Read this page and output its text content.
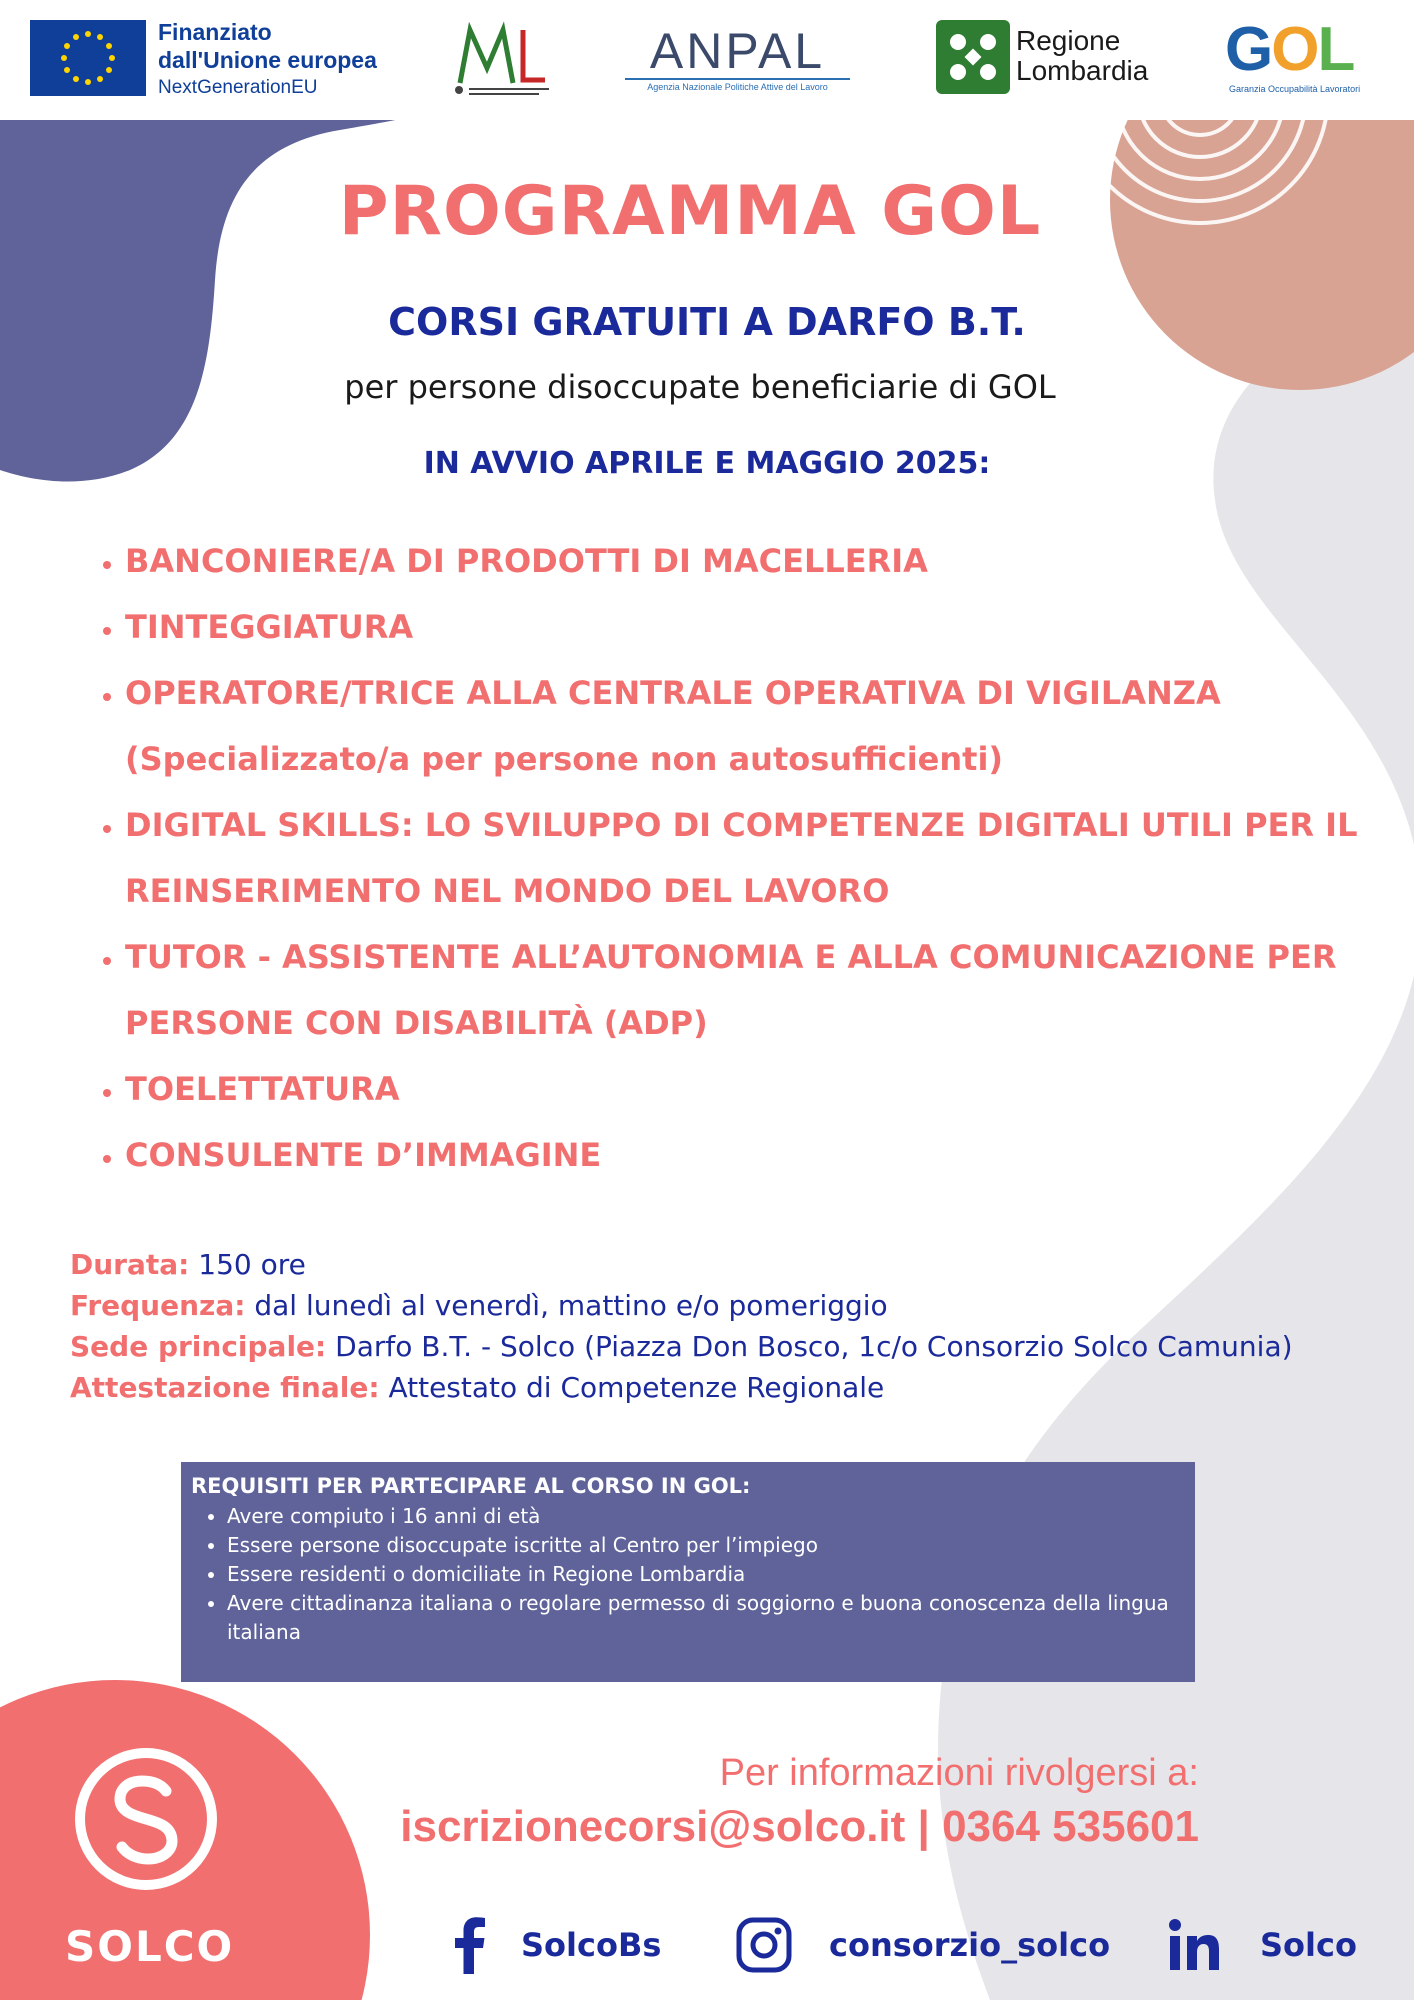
Finanziato
dall'Unione europea
NextGenerationEU
ANPAL
Agenzia Nazionale Politiche Attive del Lavoro
Regione
Lombardia GOL
Garanzia Occupabilità Lavoratori
PROGRAMMA GOL
CORSI GRATUITI A DARFO B.T.
per persone disoccupate beneficiarie di GOL
IN AVVIO APRILE E MAGGIO 2025:
• BANCONIERE/A DI PRODOTTI DI MACELLERIA
• TINTEGGIATURA
• OPERATORE/TRICE ALLA CENTRALE OPERATIVA DI VIGILANZA (Specializzato/a per persone non autosufficienti)
• DIGITAL SKILLS: LO SVILUPPO DI COMPETENZE DIGITALI UTILI PER IL REINSERIMENTO NEL MONDO DEL LAVORO
• TUTOR - ASSISTENTE ALL’AUTONOMIA E ALLA COMUNICAZIONE PER PERSONE CON DISABILITÀ (ADP)
• TOELETTATURA
• CONSULENTE D’IMMAGINE
Durata: 150 ore
Frequenza: dal lunedì al venerdì, mattino e/o pomeriggio
Sede principale: Darfo B.T. - Solco (Piazza Don Bosco, 1c/o Consorzio Solco Camunia)
Attestazione finale: Attestato di Competenze Regionale
REQUISITI PER PARTECIPARE AL CORSO IN GOL:
• Avere compiuto i 16 anni di età
• Essere persone disoccupate iscritte al Centro per l’impiego
• Essere residenti o domiciliate in Regione Lombardia
• Avere cittadinanza italiana o regolare permesso di soggiorno e buona conoscenza della lingua italiana
Per informazioni rivolgersi a:
iscrizionecorsi@solco.it | 0364 535601
SOLCO	SolcoBs	consorzio_solco	Solco
